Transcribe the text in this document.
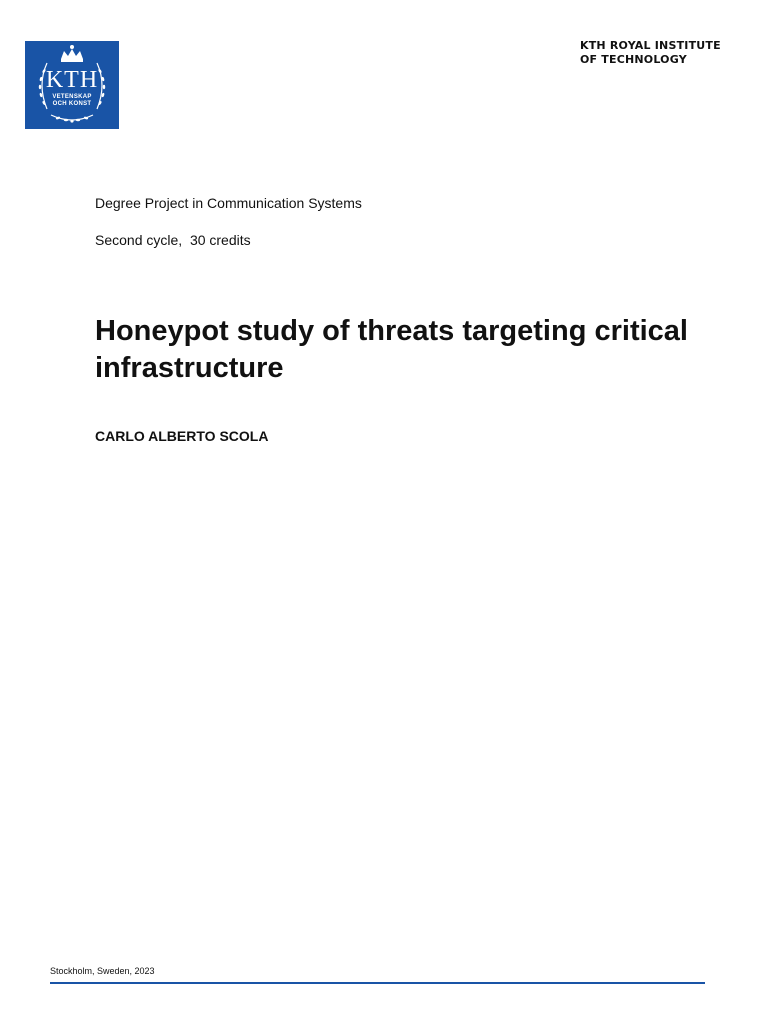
KTH
VETENSKAP
OCH KONST
KTH ROYAL INSTITUTE
OF TECHNOLOGY
Degree Project in Communication Systems
Second cycle,  30 credits
Honeypot study of threats targeting critical infrastructure
CARLO ALBERTO SCOLA
Stockholm, Sweden, 2023
